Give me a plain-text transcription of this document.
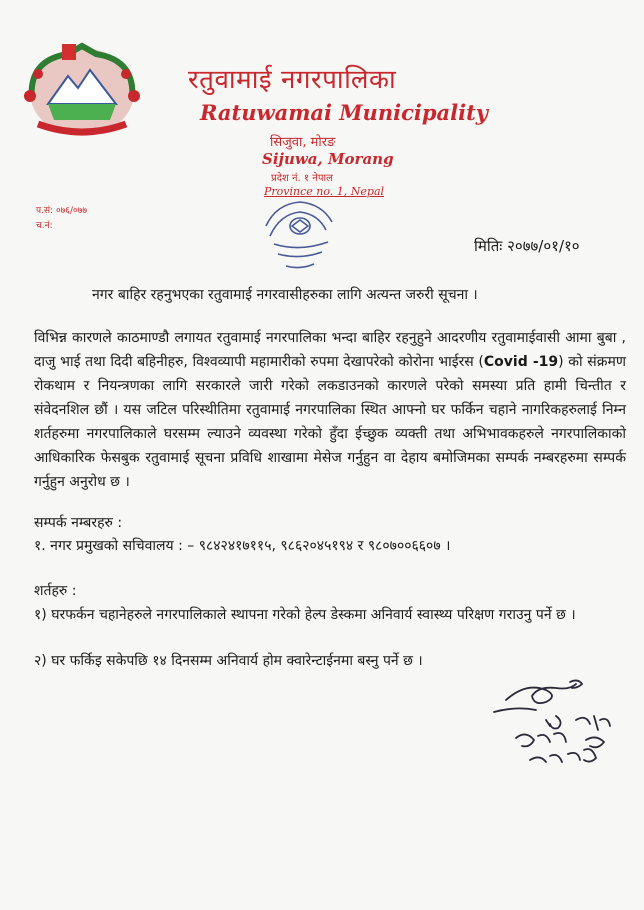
रतुवामाई नगरपालिका
Ratuwamai Municipality
सिजुवा, मोरङ
Sijuwa, Morang
प्रदेश नं. १ नेपाल
Province no. 1, Nepal
प.सं: ०७६/०७७
च.नं:
मितिः २०७७/०१/१०
नगर बाहिर रहनुभएका रतुवामाई नगरवासीहरुका लागि अत्यन्त जरुरी सूचना ।
विभिन्न कारणले काठमाण्डौ लगायत रतुवामाई नगरपालिका भन्दा बाहिर रहनुहुने आदरणीय रतुवामाईवासी आमा बुबा , दाजु भाई तथा दिदी बहिनीहरु, विश्वव्यापी महामारीको रुपमा देखापरेको कोरोना भाईरस (Covid -19) को संक्रमण रोकथाम र नियन्त्रणका लागि सरकारले जारी गरेको लकडाउनको कारणले परेको समस्या प्रति हामी चिन्तीत र संवेदनशिल छौं । यस जटिल परिस्थीतिमा रतुवामाई नगरपालिका स्थित आफ्नो घर फर्किन चहाने नागरिकहरुलाई निम्न शर्तहरुमा नगरपालिकाले घरसम्म ल्याउने व्यवस्था गरेको हुँदा ईच्छुक व्यक्ती तथा अभिभावकहरुले नगरपालिकाको आधिकारिक फेसबुक रतुवामाई सूचना प्रविधि शाखामा मेसेज गर्नुहुन वा देहाय बमोजिमका सम्पर्क नम्बरहरुमा सम्पर्क गर्नुहुन अनुरोध छ ।
सम्पर्क नम्बरहरु :
१. नगर प्रमुखको सचिवालय : – ९८४२४१७११५, ९८६२०४५१९४ र ९८०७००६६०७ ।
शर्तहरु :
१) घरफर्कन चहानेहरुले नगरपालिकाले स्थापना गरेको हेल्प डेस्कमा अनिवार्य स्वास्थ्य परिक्षण गराउनु पर्ने छ ।
२) घर फर्किइ सकेपछि १४ दिनसम्म अनिवार्य होम क्वारेन्टाईनमा बस्नु पर्ने छ ।
